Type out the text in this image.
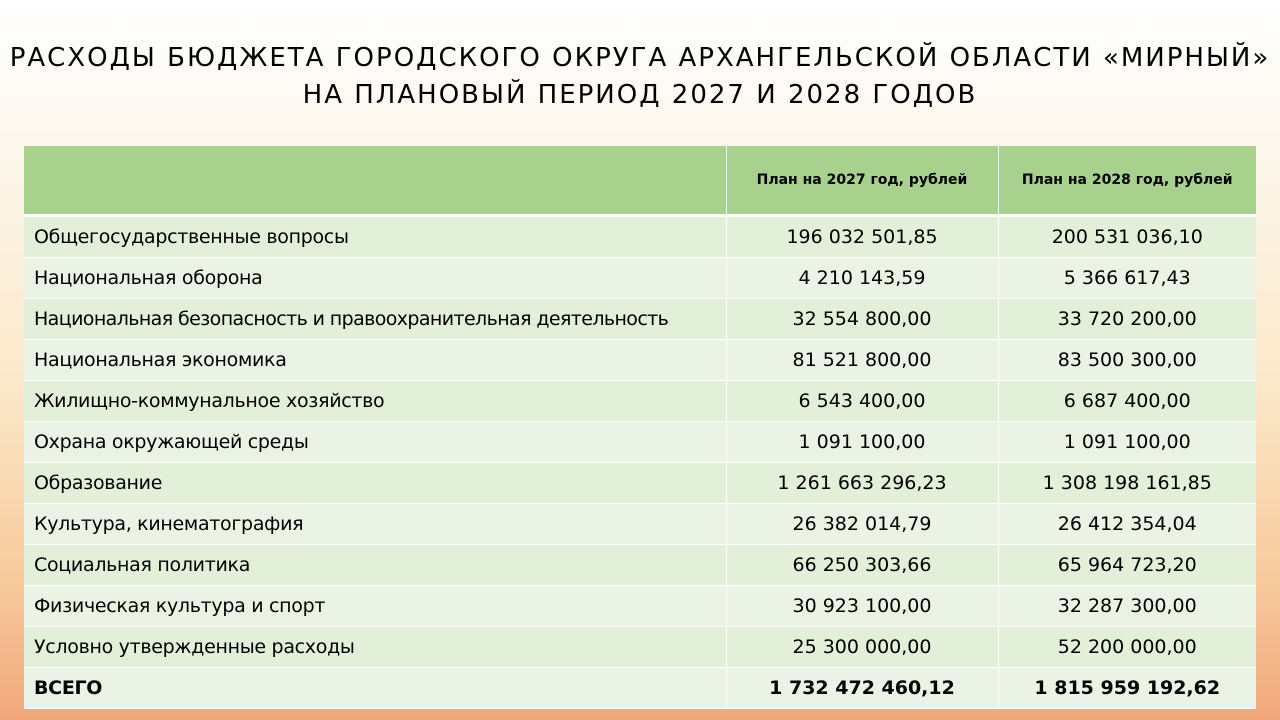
РАСХОДЫ БЮДЖЕТА ГОРОДСКОГО ОКРУГА АРХАНГЕЛЬСКОЙ ОБЛАСТИ «МИРНЫЙ»
НА ПЛАНОВЫЙ ПЕРИОД 2027 И 2028 ГОДОВ
	План на 2027 год, рублей	План на 2028 год, рублей
Общегосударственные вопросы	196 032 501,85	200 531 036,10
Национальная оборона	4 210 143,59	5 366 617,43
Национальная безопасность и правоохранительная деятельность	32 554 800,00	33 720 200,00
Национальная экономика	81 521 800,00	83 500 300,00
Жилищно-коммунальное хозяйство	6 543 400,00	6 687 400,00
Охрана окружающей среды	1 091 100,00	1 091 100,00
Образование	1 261 663 296,23	1 308 198 161,85
Культура, кинематография	26 382 014,79	26 412 354,04
Социальная политика	66 250 303,66	65 964 723,20
Физическая культура и спорт	30 923 100,00	32 287 300,00
Условно утвержденные расходы	25 300 000,00	52 200 000,00
ВСЕГО	1 732 472 460,12	1 815 959 192,62
